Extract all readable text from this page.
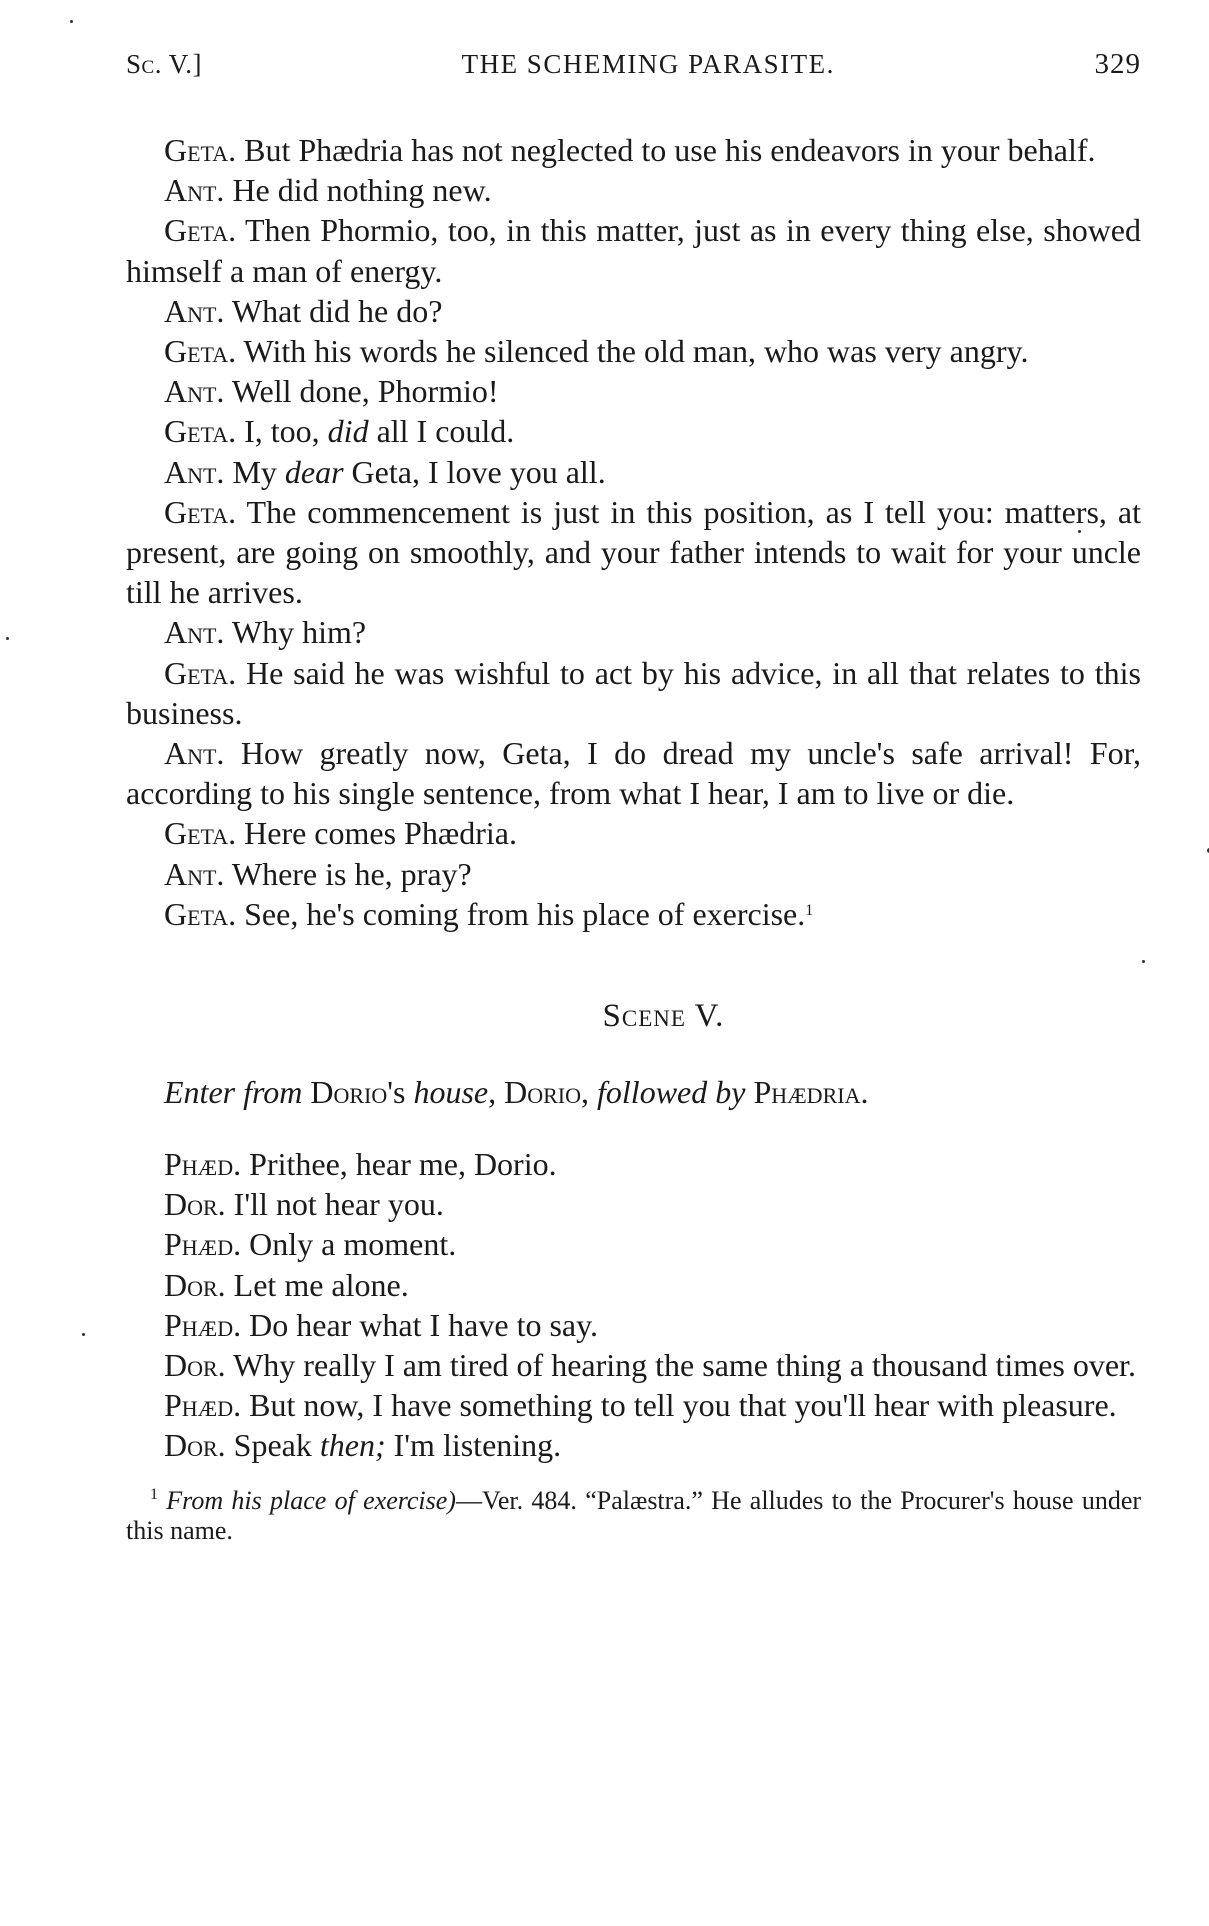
Sc. V.]	THE SCHEMING PARASITE.	329

Geta. But Phædria has not neglected to use his endeavors in your behalf.

Ant. He did nothing new.

Geta. Then Phormio, too, in this matter, just as in every thing else, showed himself a man of energy.

Ant. What did he do?

Geta. With his words he silenced the old man, who was very angry.

Ant. Well done, Phormio!

Geta. I, too, did all I could.

Ant. My dear Geta, I love you all.

Geta. The commencement is just in this position, as I tell you: matters, at present, are going on smoothly, and your father intends to wait for your uncle till he arrives.

Ant. Why him?

Geta. He said he was wishful to act by his advice, in all that relates to this business.

Ant. How greatly now, Geta, I do dread my uncle's safe arrival! For, according to his single sentence, from what I hear, I am to live or die.

Geta. Here comes Phædria.

Ant. Where is he, pray?

Geta. See, he's coming from his place of exercise.$^1$

Scene V.

Enter from Dorio's house, Dorio, followed by Phædria.

Phæd. Prithee, hear me, Dorio.

Dor. I'll not hear you.

Phæd. Only a moment.

Dor. Let me alone.

Phæd. Do hear what I have to say.

Dor. Why really I am tired of hearing the same thing a thousand times over.

Phæd. But now, I have something to tell you that you'll hear with pleasure.

Dor. Speak then; I'm listening.

$^1$ From his place of exercise)—Ver. 484. “Palæstra.” He alludes to the Procurer's house under this name.
